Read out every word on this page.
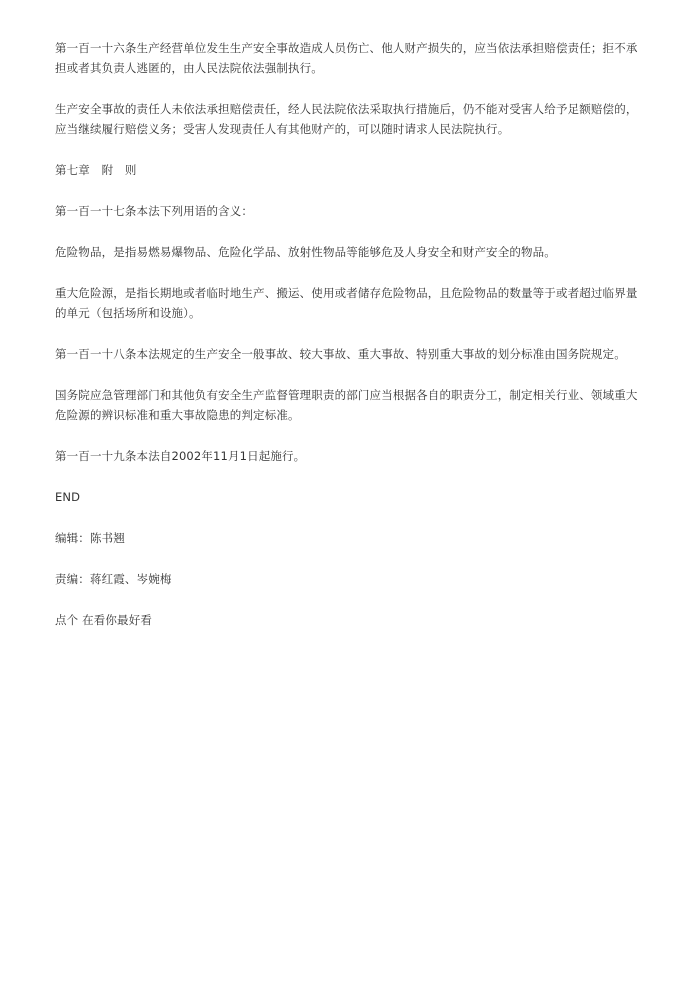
第一百一十六条生产经营单位发生生产安全事故造成人员伤亡、他人财产损失的，应当依法承担赔偿责任；拒不承担或者其负责人逃匿的，由人民法院依法强制执行。

生产安全事故的责任人未依法承担赔偿责任，经人民法院依法采取执行措施后，仍不能对受害人给予足额赔偿的，应当继续履行赔偿义务；受害人发现责任人有其他财产的，可以随时请求人民法院执行。

第七章　附　则

第一百一十七条本法下列用语的含义：

危险物品，是指易燃易爆物品、危险化学品、放射性物品等能够危及人身安全和财产安全的物品。

重大危险源，是指长期地或者临时地生产、搬运、使用或者储存危险物品，且危险物品的数量等于或者超过临界量的单元（包括场所和设施）。

第一百一十八条本法规定的生产安全一般事故、较大事故、重大事故、特别重大事故的划分标准由国务院规定。

国务院应急管理部门和其他负有安全生产监督管理职责的部门应当根据各自的职责分工，制定相关行业、领域重大危险源的辨识标准和重大事故隐患的判定标准。

第一百一十九条本法自2002年11月1日起施行。

END

编辑：陈书翘

责编：蒋红霞、岑婉梅

点个 在看你最好看
